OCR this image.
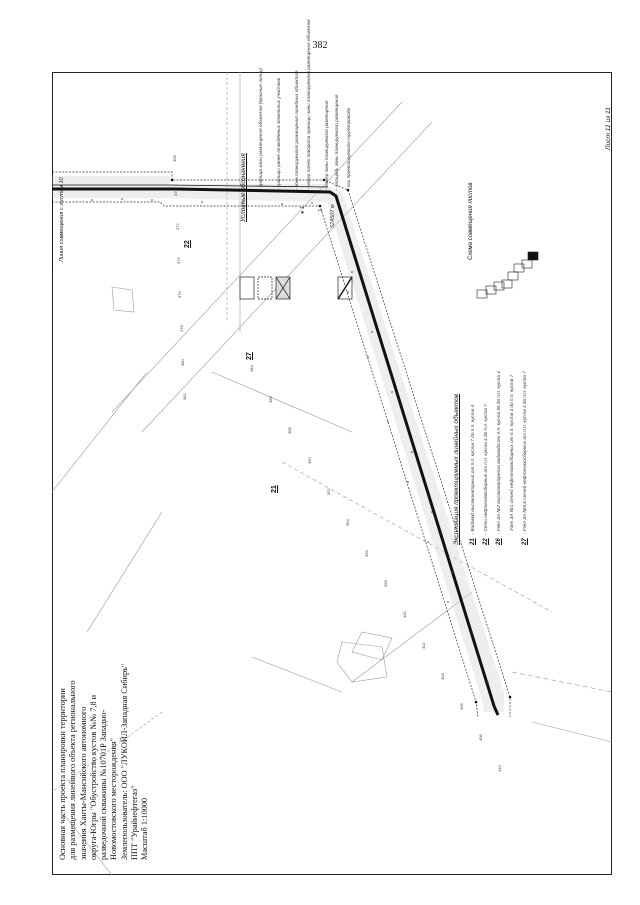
382
Основная часть проекта планировки территории для размещения линейного объекта регионального значения Ханты-Мансийского автономного округа-Югры "Обустройство кустов №№ 7,8 и разведочной скважины №10701Р Западно- Новомостовского месторождения" Землепользователь: ООО "ЛУКОЙЛ-Западная Сибирь" ППТ "Урайнефтегаз" Масштаб 1:10000
Лист 11 из 11
Линия совмещения с листом 10	Условные обозначения - граница зоны размещения объектов (красные линии)	- границы ранее отведённых земельных участков	- зона планируемого размещения линейных объектов - номер точки поворота границы зоны планируемого размещения объектов	- номер зоны планируемого размещения - площадь зоны планируемого размещения - ось проектируемого трубопровода
● 1 1 524507 м
Экспликация проектируемых линейных объектов 21- Водовод высоконапорный от п.п. куста 7 до п.п. куста 4
22- Сети нефтегазосборные от п.п. куста 4 до п.п. куста 7
26- Узел ЗА №2 высоконапорного водовода от п.п. куста 55 до п.п. куста 4 Узел ЗА №1 сетей нефтегазосборных от п.п. куста 4 до п.п. куста 7
27- Узел ЗА №5,6 сетей нефтегазосборных от п.п. куста 4 до п.п. куста 7
Схема совмещения листов
22
27
21
368
370
372
374
376
378
380
382
384
386
388
390
392
394
396
398
400
402
404
406
408
410
